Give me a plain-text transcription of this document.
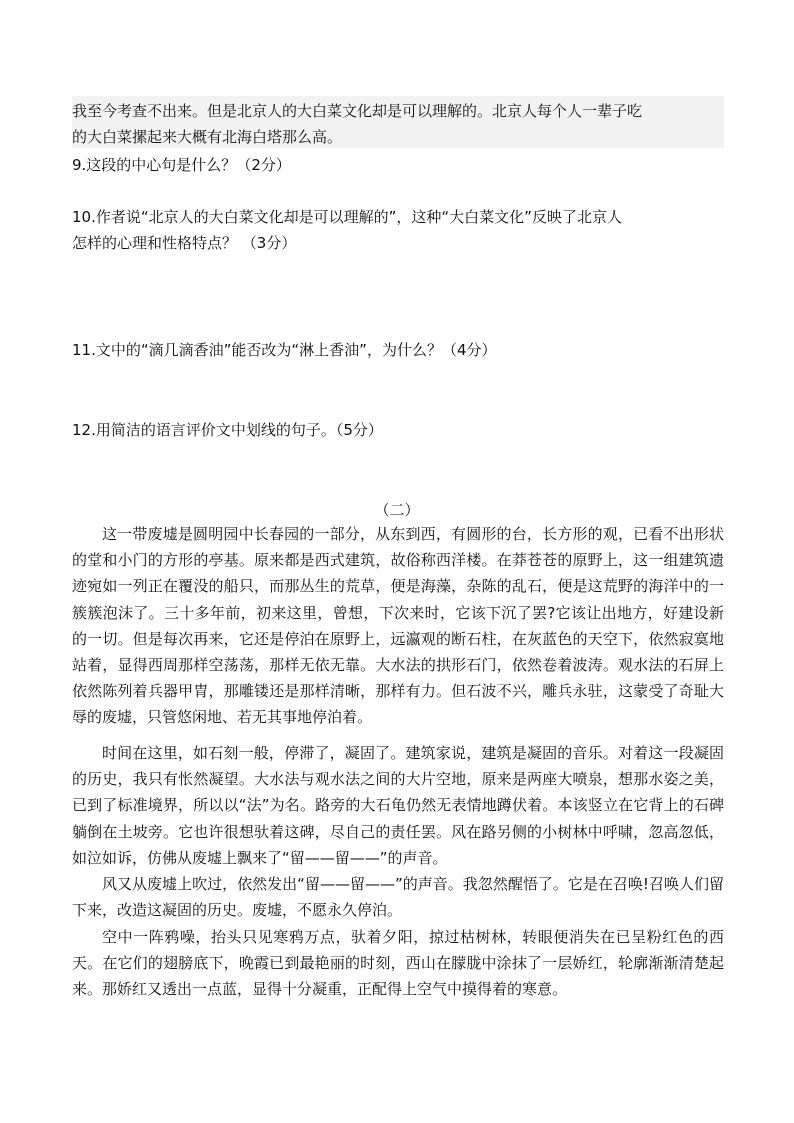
我至今考查不出来。但是北京人的大白菜文化却是可以理解的。北京人每个人一辈子吃
的大白菜摞起来大概有北海白塔那么高。
9.这段的中心句是什么？（2分）
10.作者说“北京人的大白菜文化却是可以理解的”，这种“大白菜文化”反映了北京人
怎样的心理和性格特点？ （3分）
11.文中的“滴几滴香油”能否改为“淋上香油”，为什么？（4分）
12.用简洁的语言评价文中划线的句子。（5分）
（二）
这一带废墟是圆明园中长春园的一部分，从东到西，有圆形的台，长方形的观，已看不出形状的堂和小门的方形的亭基。原来都是西式建筑，故俗称西洋楼。在莽苍苍的原野上，这一组建筑遗迹宛如一列正在覆没的船只，而那丛生的荒草，便是海藻，杂陈的乱石，便是这荒野的海洋中的一簇簇泡沫了。三十多年前，初来这里，曾想，下次来时，它该下沉了罢?它该让出地方，好建设新的一切。但是每次再来，它还是停泊在原野上，远瀛观的断石柱，在灰蓝色的天空下，依然寂寞地站着，显得西周那样空荡荡，那样无依无靠。大水法的拱形石门，依然卷着波涛。观水法的石屏上依然陈列着兵器甲胄，那雕镂还是那样清晰，那样有力。但石波不兴，雕兵永驻，这蒙受了奇耻大辱的废墟，只管悠闲地、若无其事地停泊着。
时间在这里，如石刻一般，停滞了，凝固了。建筑家说，建筑是凝固的音乐。对着这一段凝固的历史，我只有怅然凝望。大水法与观水法之间的大片空地，原来是两座大喷泉，想那水姿之美，已到了标准境界，所以以“法”为名。路旁的大石龟仍然无表情地蹲伏着。本该竖立在它背上的石碑躺倒在土坡旁。它也许很想驮着这碑，尽自己的责任罢。风在路另侧的小树林中呼啸，忽高忽低，如泣如诉，仿佛从废墟上飘来了“留——留——”的声音。
风又从废墟上吹过，依然发出“留——留——”的声音。我忽然醒悟了。它是在召唤!召唤人们留下来，改造这凝固的历史。废墟，不愿永久停泊。
空中一阵鸦噪，抬头只见寒鸦万点，驮着夕阳，掠过枯树林，转眼便消失在已呈粉红色的西天。在它们的翅膀底下，晚霞已到最艳丽的时刻，西山在朦胧中涂抹了一层娇红，轮廓渐渐清楚起来。那娇红又透出一点蓝，显得十分凝重，正配得上空气中摸得着的寒意。
